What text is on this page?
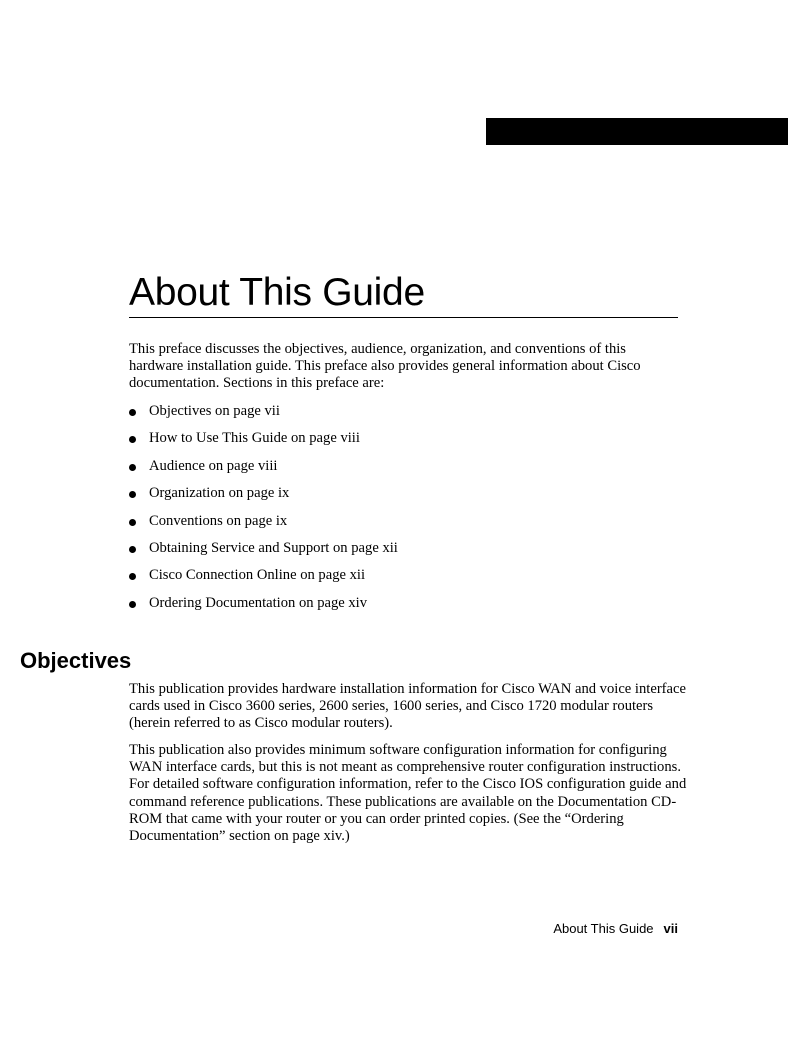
About This Guide

This preface discusses the objectives, audience, organization, and conventions of this hardware installation guide. This preface also provides general information about Cisco documentation. Sections in this preface are:

Objectives on page vii
How to Use This Guide on page viii
Audience on page viii
Organization on page ix
Conventions on page ix
Obtaining Service and Support on page xii
Cisco Connection Online on page xii
Ordering Documentation on page xiv
Objectives

This publication provides hardware installation information for Cisco WAN and voice interface cards used in Cisco 3600 series, 2600 series, 1600 series, and Cisco 1720 modular routers (herein referred to as Cisco modular routers).

This publication also provides minimum software configuration information for configuring WAN interface cards, but this is not meant as comprehensive router configuration instructions. For detailed software configuration information, refer to the Cisco IOS configuration guide and command reference publications. These publications are available on the Documentation CD-ROM that came with your router or you can order printed copies. (See the “Ordering Documentation” section on page xiv.)

About This Guide vii
